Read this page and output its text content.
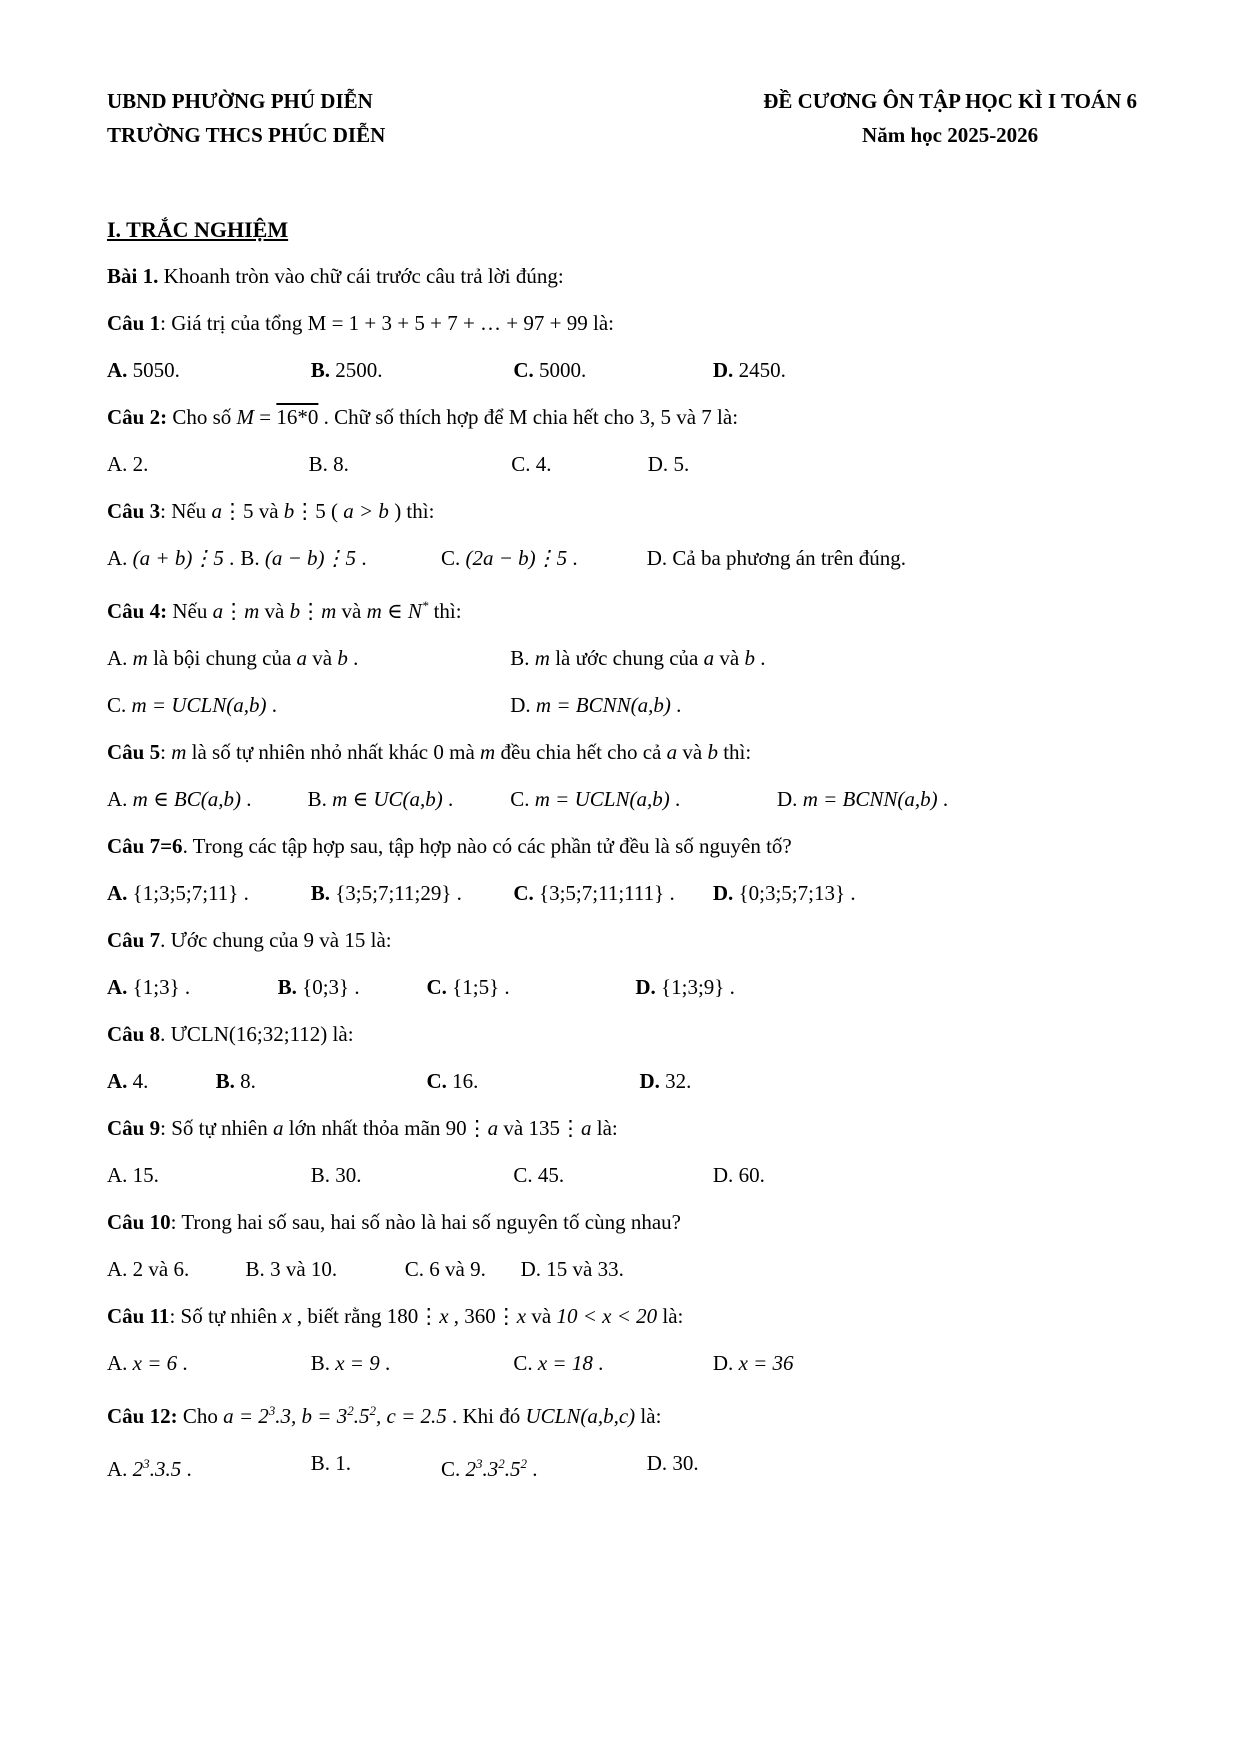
UBND PHƯỜNG PHÚ DIỄN
TRƯỜNG THCS PHÚC DIỄN
ĐỀ CƯƠNG ÔN TẬP HỌC KÌ I TOÁN 6
Năm học 2025-2026
I. TRẮC NGHIỆM

Bài 1. Khoanh tròn vào chữ cái trước câu trả lời đúng:

Câu 1: Giá trị của tổng M = 1 + 3 + 5 + 7 + … + 97 + 99 là:

A. 5050.	B. 2500.	C. 5000.	D. 2450.

Câu 2: Cho số M = 16*0 . Chữ số thích hợp để M chia hết cho 3, 5 và 7 là:

A. 2.	B. 8.	C. 4.	D. 5.

Câu 3: Nếu a⋮5 và b⋮5 ( a > b ) thì:

A. (a + b)⋮5 . B. (a − b)⋮5 .	C. (2a − b)⋮5 .	D. Cả ba phương án trên đúng.

Câu 4: Nếu a⋮m và b⋮m và m ∈ N* thì:

A. m là bội chung của a và b .	B. m là ước chung của a và b .
C. m = UCLN(a,b) .	D. m = BCNN(a,b) .

Câu 5: m là số tự nhiên nhỏ nhất khác 0 mà m đều chia hết cho cả a và b thì:

A. m ∈ BC(a,b) .	B. m ∈ UC(a,b) .	C. m = UCLN(a,b) .	D. m = BCNN(a,b) .

Câu 7=6. Trong các tập hợp sau, tập hợp nào có các phần tử đều là số nguyên tố?

A. {1;3;5;7;11} .	B. {3;5;7;11;29} .	C. {3;5;7;11;111} .	D. {0;3;5;7;13} .

Câu 7. Ước chung của 9 và 15 là:

A. {1;3} .	B. {0;3} .	C. {1;5} .	D. {1;3;9} .

Câu 8. ƯCLN(16;32;112) là:

A. 4.	B. 8.	C. 16.	D. 32.

Câu 9: Số tự nhiên a lớn nhất thỏa mãn 90⋮a và 135⋮a là:

A. 15.	B. 30.	C. 45.	D. 60.

Câu 10: Trong hai số sau, hai số nào là hai số nguyên tố cùng nhau?

A. 2 và 6.	B. 3 và 10.	C. 6 và 9.	D. 15 và 33.

Câu 11: Số tự nhiên x , biết rằng 180⋮x , 360⋮x và 10 < x < 20 là:

A. x = 6 .	B. x = 9 .	C. x = 18 .	D. x = 36

Câu 12: Cho $a = 2^3.3$, $b = 3^2.5^2$, c = 2.5 . Khi đó UCLN(a,b,c) là:

A. $2^3.3.5$ .	B. 1.	C. $2^3.3^2.5^2$ .	D. 30.
